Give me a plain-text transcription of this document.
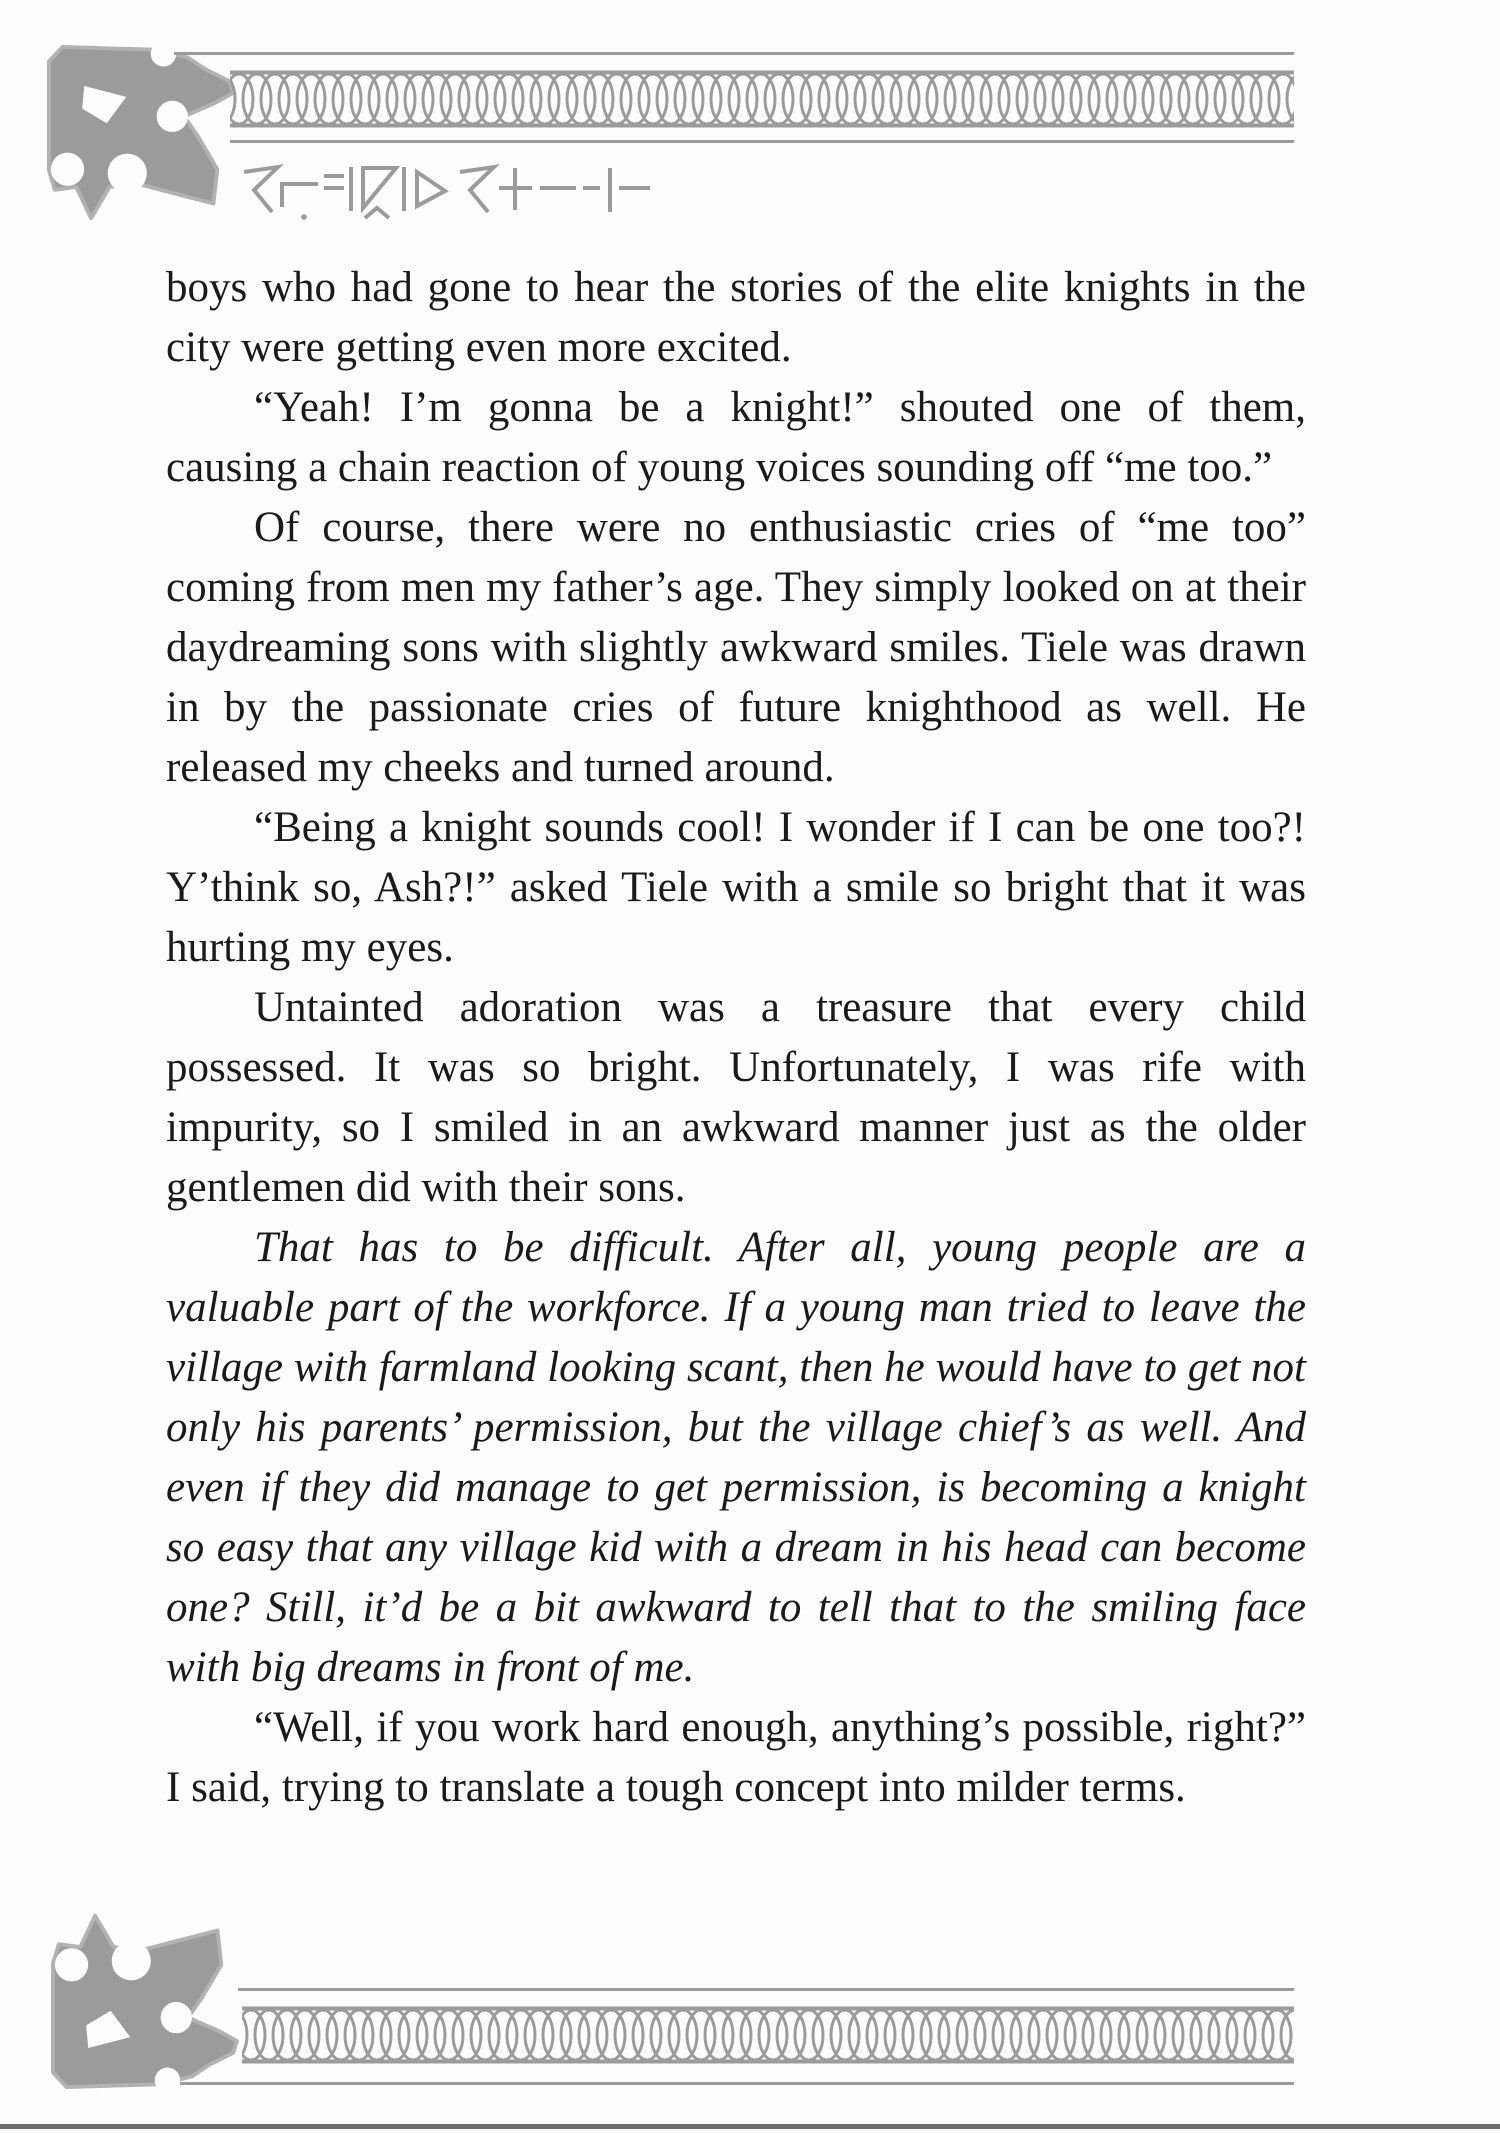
boys who had gone to hear the stories of the elite knights in the city were getting even more excited.

“Yeah! I’m gonna be a knight!” shouted one of them, causing a chain reaction of young voices sounding off “me too.”

Of course, there were no enthusiastic cries of “me too” coming from men my father’s age. They simply looked on at their daydreaming sons with slightly awkward smiles. Tiele was drawn in by the passionate cries of future knighthood as well. He released my cheeks and turned around.

“Being a knight sounds cool! I wonder if I can be one too?! Y’think so, Ash?!” asked Tiele with a smile so bright that it was hurting my eyes.

Untainted adoration was a treasure that every child possessed. It was so bright. Unfortunately, I was rife with impurity, so I smiled in an awkward manner just as the older gentlemen did with their sons.

That has to be difficult. After all, young people are a valuable part of the workforce. If a young man tried to leave the village with farmland looking scant, then he would have to get not only his parents’ permission, but the village chief’s as well. And even if they did manage to get permission, is becoming a knight so easy that any village kid with a dream in his head can become one? Still, it’d be a bit awkward to tell that to the smiling face with big dreams in front of me.

“Well, if you work hard enough, anything’s possible, right?” I said, trying to translate a tough concept into milder terms.
